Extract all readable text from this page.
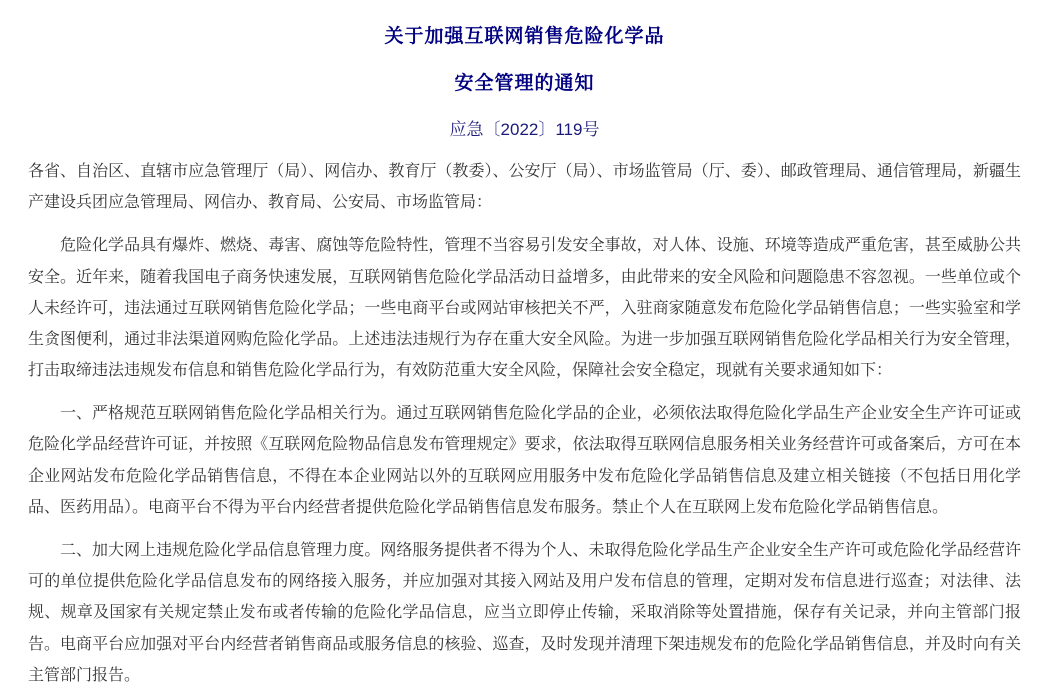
关于加强互联网销售危险化学品
安全管理的通知
应急〔2022〕119号

各省、自治区、直辖市应急管理厅（局）、网信办、教育厅（教委）、公安厅（局）、市场监管局（厅、委）、邮政管理局、通信管理局，新疆生产建设兵团应急管理局、网信办、教育局、公安局、市场监管局：

危险化学品具有爆炸、燃烧、毒害、腐蚀等危险特性，管理不当容易引发安全事故，对人体、设施、环境等造成严重危害，甚至威胁公共安全。近年来，随着我国电子商务快速发展，互联网销售危险化学品活动日益增多，由此带来的安全风险和问题隐患不容忽视。一些单位或个人未经许可，违法通过互联网销售危险化学品；一些电商平台或网站审核把关不严，入驻商家随意发布危险化学品销售信息；一些实验室和学生贪图便利，通过非法渠道网购危险化学品。上述违法违规行为存在重大安全风险。为进一步加强互联网销售危险化学品相关行为安全管理，打击取缔违法违规发布信息和销售危险化学品行为，有效防范重大安全风险，保障社会安全稳定，现就有关要求通知如下：

一、严格规范互联网销售危险化学品相关行为。通过互联网销售危险化学品的企业，必须依法取得危险化学品生产企业安全生产许可证或危险化学品经营许可证，并按照《互联网危险物品信息发布管理规定》要求，依法取得互联网信息服务相关业务经营许可或备案后，方可在本企业网站发布危险化学品销售信息，不得在本企业网站以外的互联网应用服务中发布危险化学品销售信息及建立相关链接（不包括日用化学品、医药用品）。电商平台不得为平台内经营者提供危险化学品销售信息发布服务。禁止个人在互联网上发布危险化学品销售信息。

二、加大网上违规危险化学品信息管理力度。网络服务提供者不得为个人、未取得危险化学品生产企业安全生产许可或危险化学品经营许可的单位提供危险化学品信息发布的网络接入服务，并应加强对其接入网站及用户发布信息的管理，定期对发布信息进行巡查；对法律、法规、规章及国家有关规定禁止发布或者传输的危险化学品信息，应当立即停止传输，采取消除等处置措施，保存有关记录，并向主管部门报告。电商平台应加强对平台内经营者销售商品或服务信息的核验、巡查，及时发现并清理下架违规发布的危险化学品销售信息，并及时向有关主管部门报告。
